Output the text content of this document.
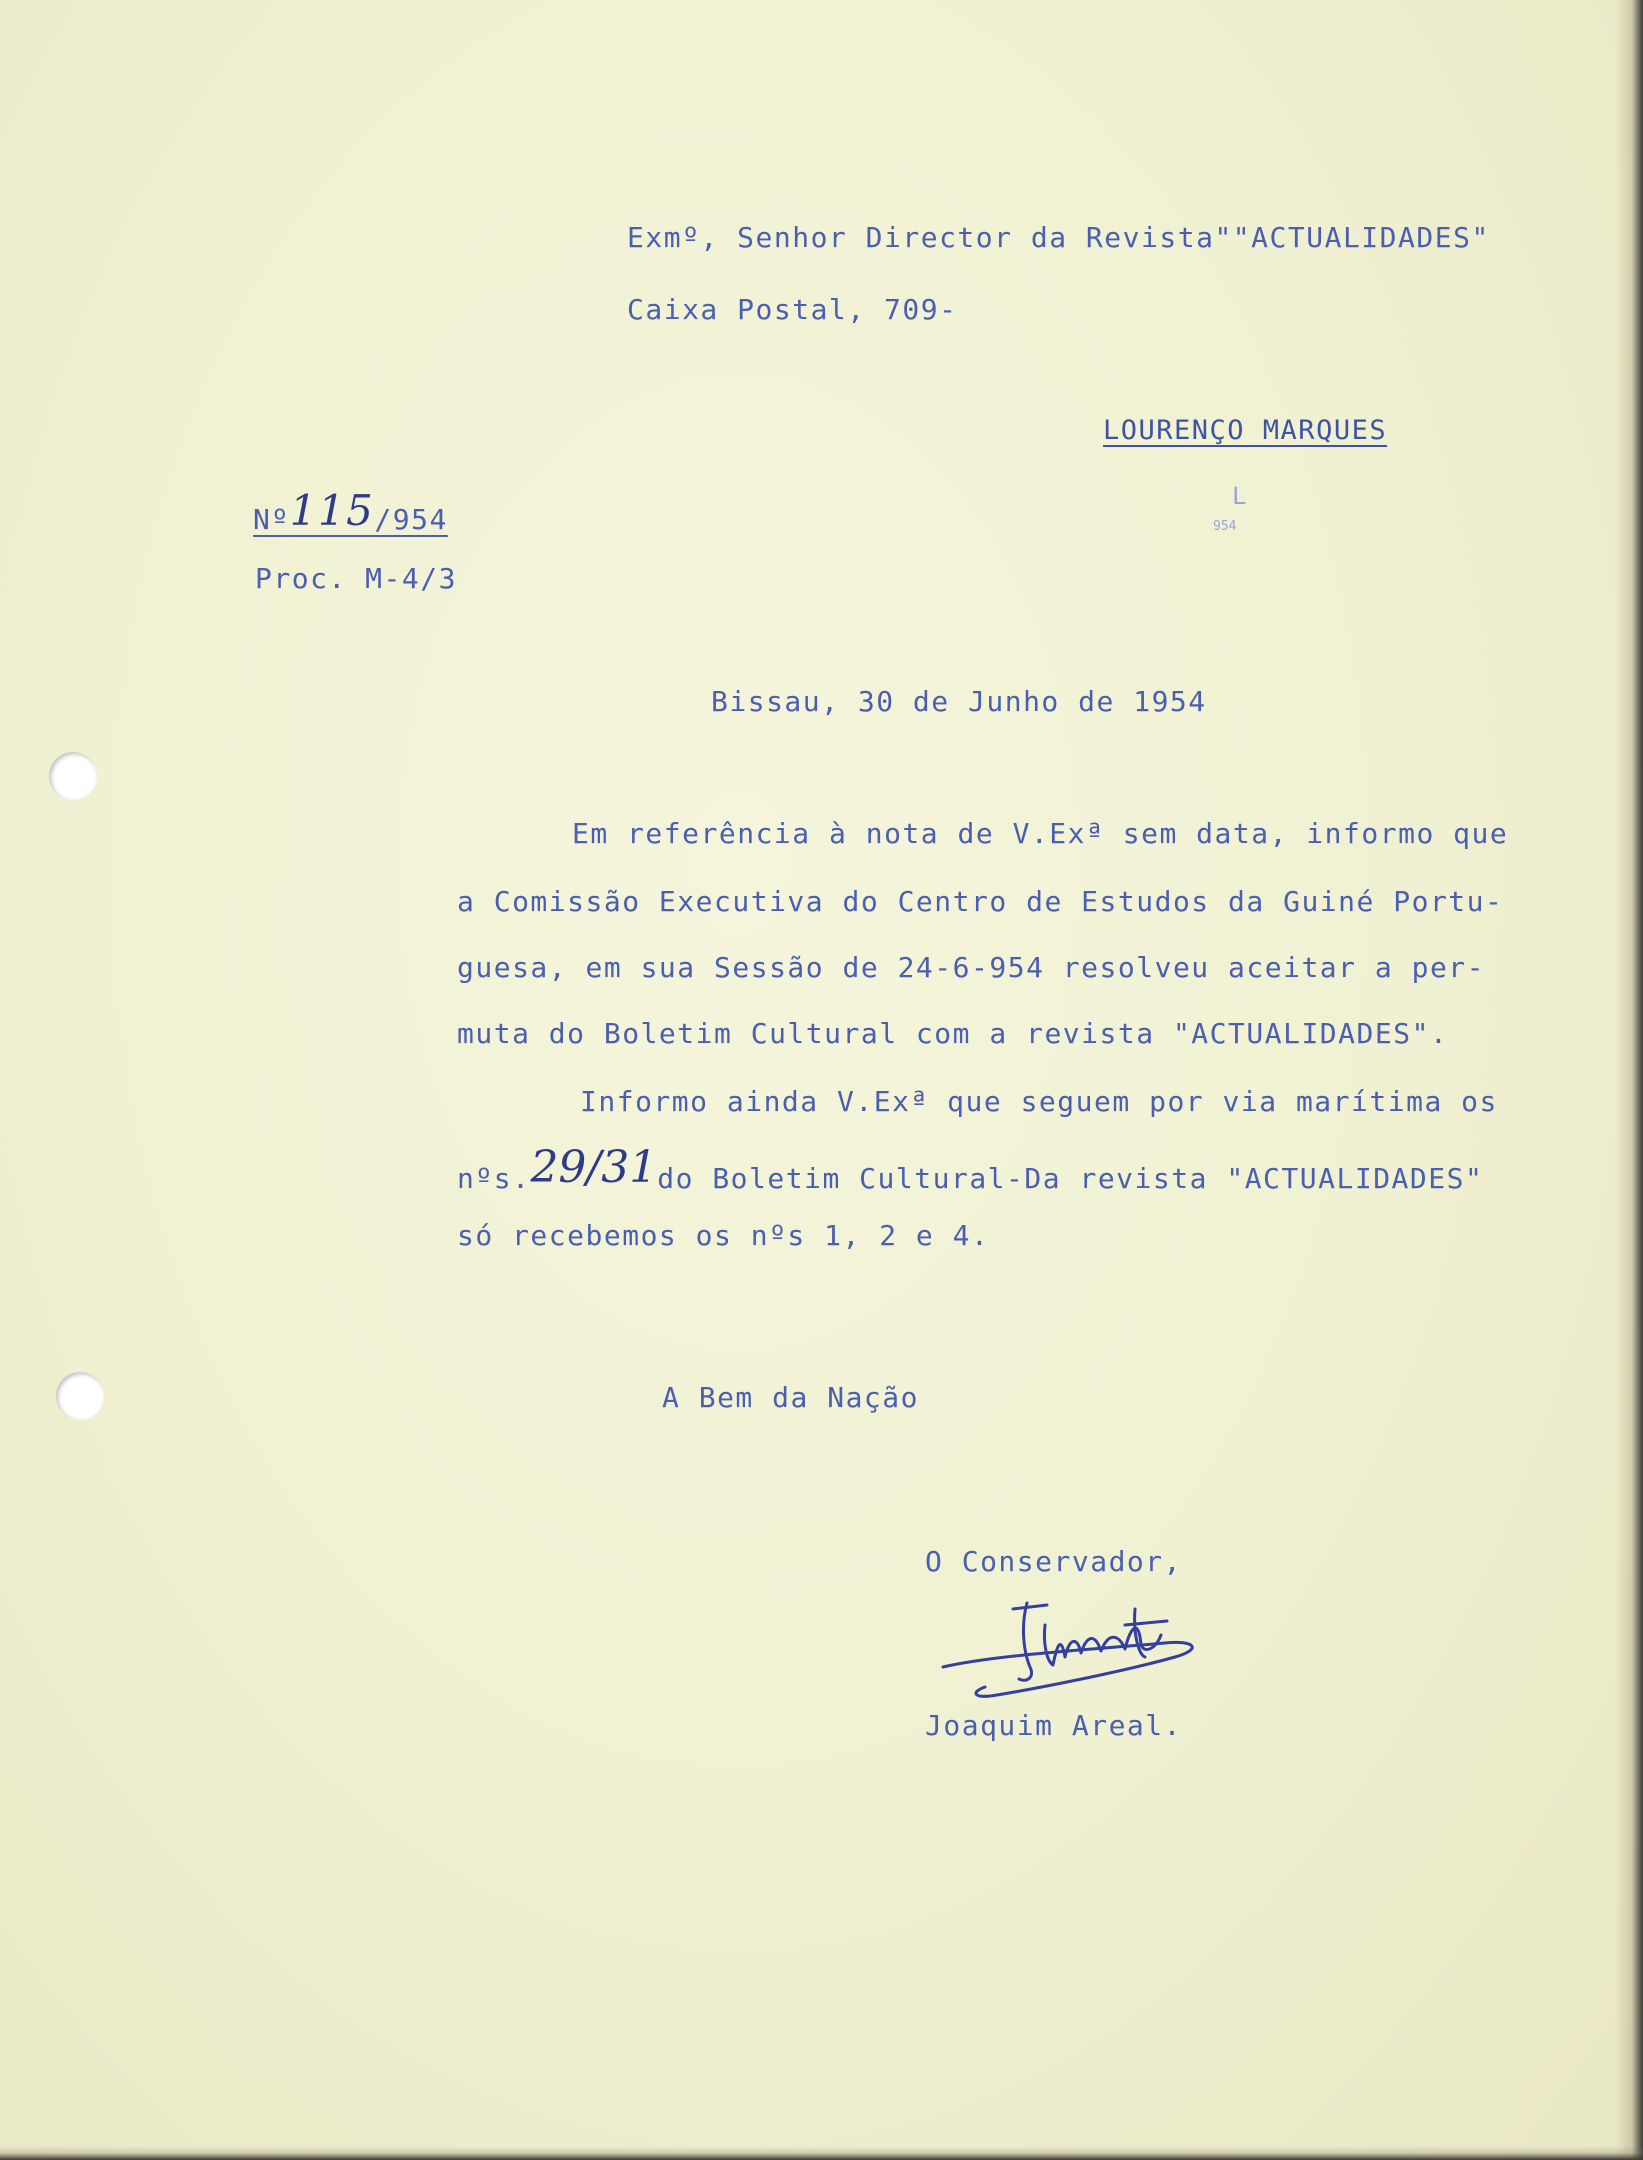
Exmº, Senhor Director da Revista""ACTUALIDADES"
Caixa Postal, 709-
LOURENÇO MARQUES
L
954
Nº115/954
Proc. M-4/3
Bissau, 30 de Junho de 1954
Em referência à nota de V.Exª sem data, informo que
a Comissão Executiva do Centro de Estudos da Guiné Portu-
guesa, em sua Sessão de 24-6-954 resolveu aceitar a per-
muta do Boletim Cultural com a revista "ACTUALIDADES".
Informo ainda V.Exª que seguem por via marítima os
nºs.29/31do Boletim Cultural-Da revista "ACTUALIDADES"
só recebemos os nºs 1, 2 e 4.
A Bem da Nação
O Conservador,
Joaquim Areal.
